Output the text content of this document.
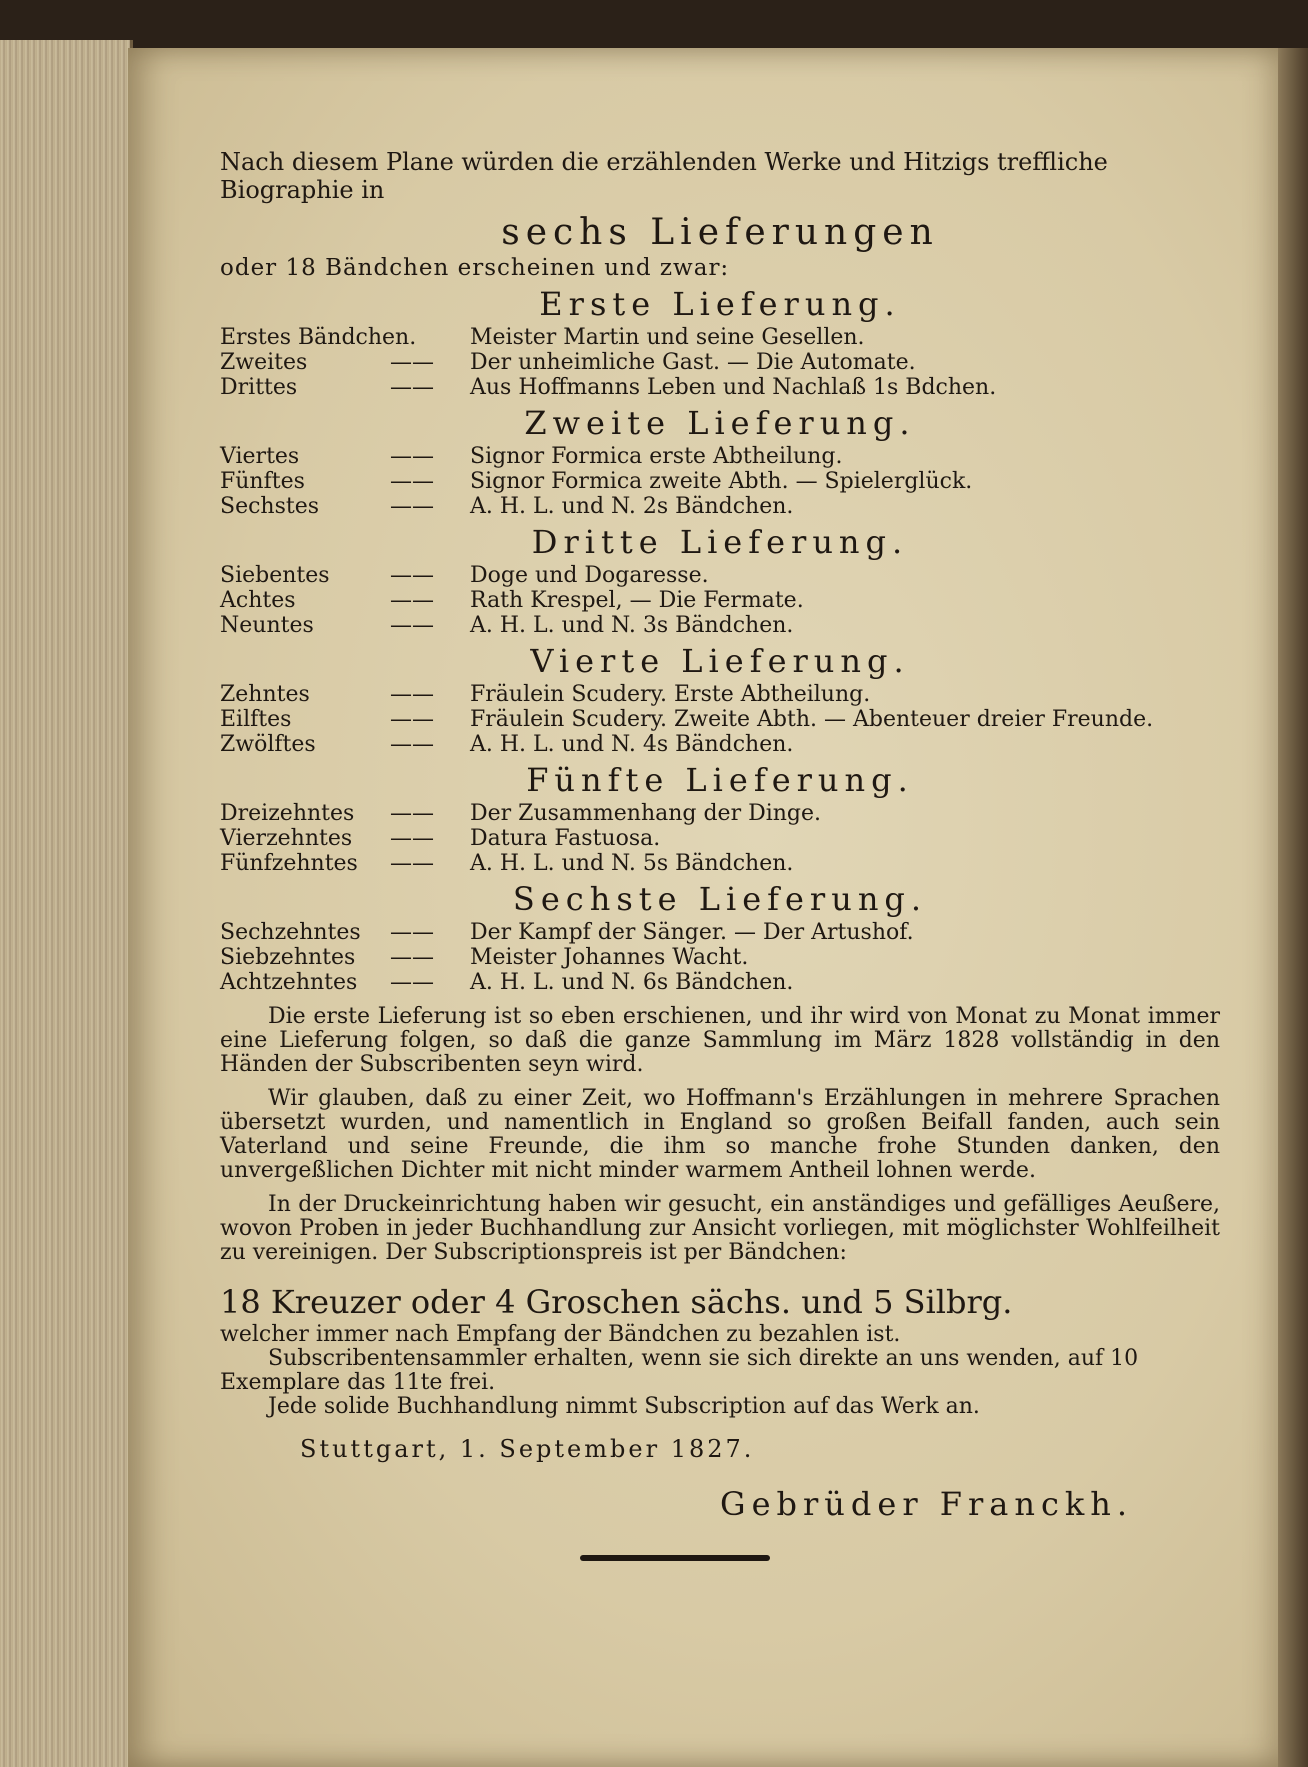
Nach diesem Plane würden die erzählenden Werke und Hitzigs treffliche Biographie in

sechs Lieferungen

oder 18 Bändchen erscheinen und zwar:

Erste Lieferung.
Erstes Bändchen.	Meister Martin und seine Gesellen.
Zweites	——	Der unheimliche Gast. — Die Automate.
Drittes	——	Aus Hoffmanns Leben und Nachlaß 1s Bdchen.
Zweite Lieferung.
Viertes	——	Signor Formica erste Abtheilung.
Fünftes	——	Signor Formica zweite Abth. — Spielerglück.
Sechstes	——	A. H. L. und N. 2s Bändchen.
Dritte Lieferung.
Siebentes	——	Doge und Dogaresse.
Achtes	——	Rath Krespel, — Die Fermate.
Neuntes	——	A. H. L. und N. 3s Bändchen.
Vierte Lieferung.
Zehntes	——	Fräulein Scudery. Erste Abtheilung.
Eilftes	——	Fräulein Scudery. Zweite Abth. — Abenteuer dreier Freunde.
Zwölftes	——	A. H. L. und N. 4s Bändchen.
Fünfte Lieferung.
Dreizehntes	——	Der Zusammenhang der Dinge.
Vierzehntes	——	Datura Fastuosa.
Fünfzehntes	——	A. H. L. und N. 5s Bändchen.
Sechste Lieferung.
Sechzehntes	——	Der Kampf der Sänger. — Der Artushof.
Siebzehntes	——	Meister Johannes Wacht.
Achtzehntes	——	A. H. L. und N. 6s Bändchen.

Die erste Lieferung ist so eben erschienen, und ihr wird von Monat zu Monat immer eine Lieferung folgen, so daß die ganze Sammlung im März 1828 vollständig in den Händen der Subscribenten seyn wird.

Wir glauben, daß zu einer Zeit, wo Hoffmann's Erzählungen in mehrere Sprachen übersetzt wurden, und namentlich in England so großen Beifall fanden, auch sein Vaterland und seine Freunde, die ihm so manche frohe Stunden danken, den unvergeßlichen Dichter mit nicht minder warmem Antheil lohnen werde.

In der Druckeinrichtung haben wir gesucht, ein anständiges und gefälliges Aeußere, wovon Proben in jeder Buchhandlung zur Ansicht vorliegen, mit möglichster Wohlfeilheit zu vereinigen. Der Subscriptionspreis ist per Bändchen:

18 Kreuzer oder 4 Groschen sächs. und 5 Silbrg.

welcher immer nach Empfang der Bändchen zu bezahlen ist.

Subscribentensammler erhalten, wenn sie sich direkte an uns wenden, auf 10 Exemplare das 11te frei.

Jede solide Buchhandlung nimmt Subscription auf das Werk an.

Stuttgart, 1. September 1827.
Gebrüder Franckh.
